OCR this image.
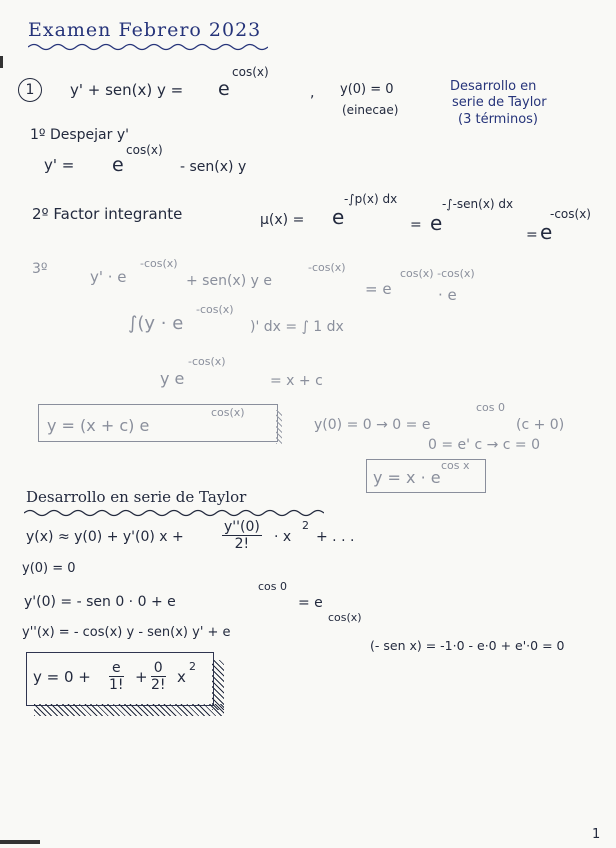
Examen Febrero 2023
1	y' + sen(x) y = e
cos(x)
, y(0) = 0
(einecae)
Desarrollo en
serie de Taylor
(3 términos)
1º Despejar y'
y' = e
cos(x)
- sen(x) y
2º Factor integrante	μ(x) = e
-∫p(x) dx
= e
-∫-sen(x) dx
= e
-cos(x)
3º	y' · e
-cos(x)
+ sen(x) y e
-cos(x)
= e
cos(x) -cos(x)
· e
∫(y · e
-cos(x)
)' dx = ∫ 1 dx
y e
-cos(x)
= x + c
y = (x + c) e
cos(x)
y(0) = 0 → 0 = e
cos 0
(c + 0)
0 = e' c → c = 0
y = x · e
cos x
Desarrollo en serie de Taylor
y(x) ≈ y(0) + y'(0) x +	$\frac{y''(0)}{2!} \cdot x$
2
+ . . .
y(0) = 0
y'(0) = - sen 0 · 0 + e
cos 0
= e
y''(x) = - cos(x) y - sen(x) y' + e
cos(x)
(- sen x) = -1·0 - e·0 + e'·0 = 0
$y = 0 + \frac{e}{1!} + \frac{0}{2!}$ x
2
1
